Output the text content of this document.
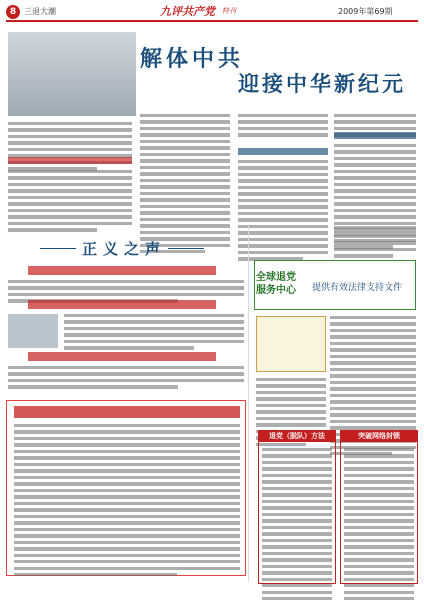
8 三退大潮	九评共产党 特刊	2009年第69期
解体中共
迎接中华新纪元
正义之声
全球退党
服务中心 提供有效法律支持文件
退党（脱队）方法	突破网络封锁
